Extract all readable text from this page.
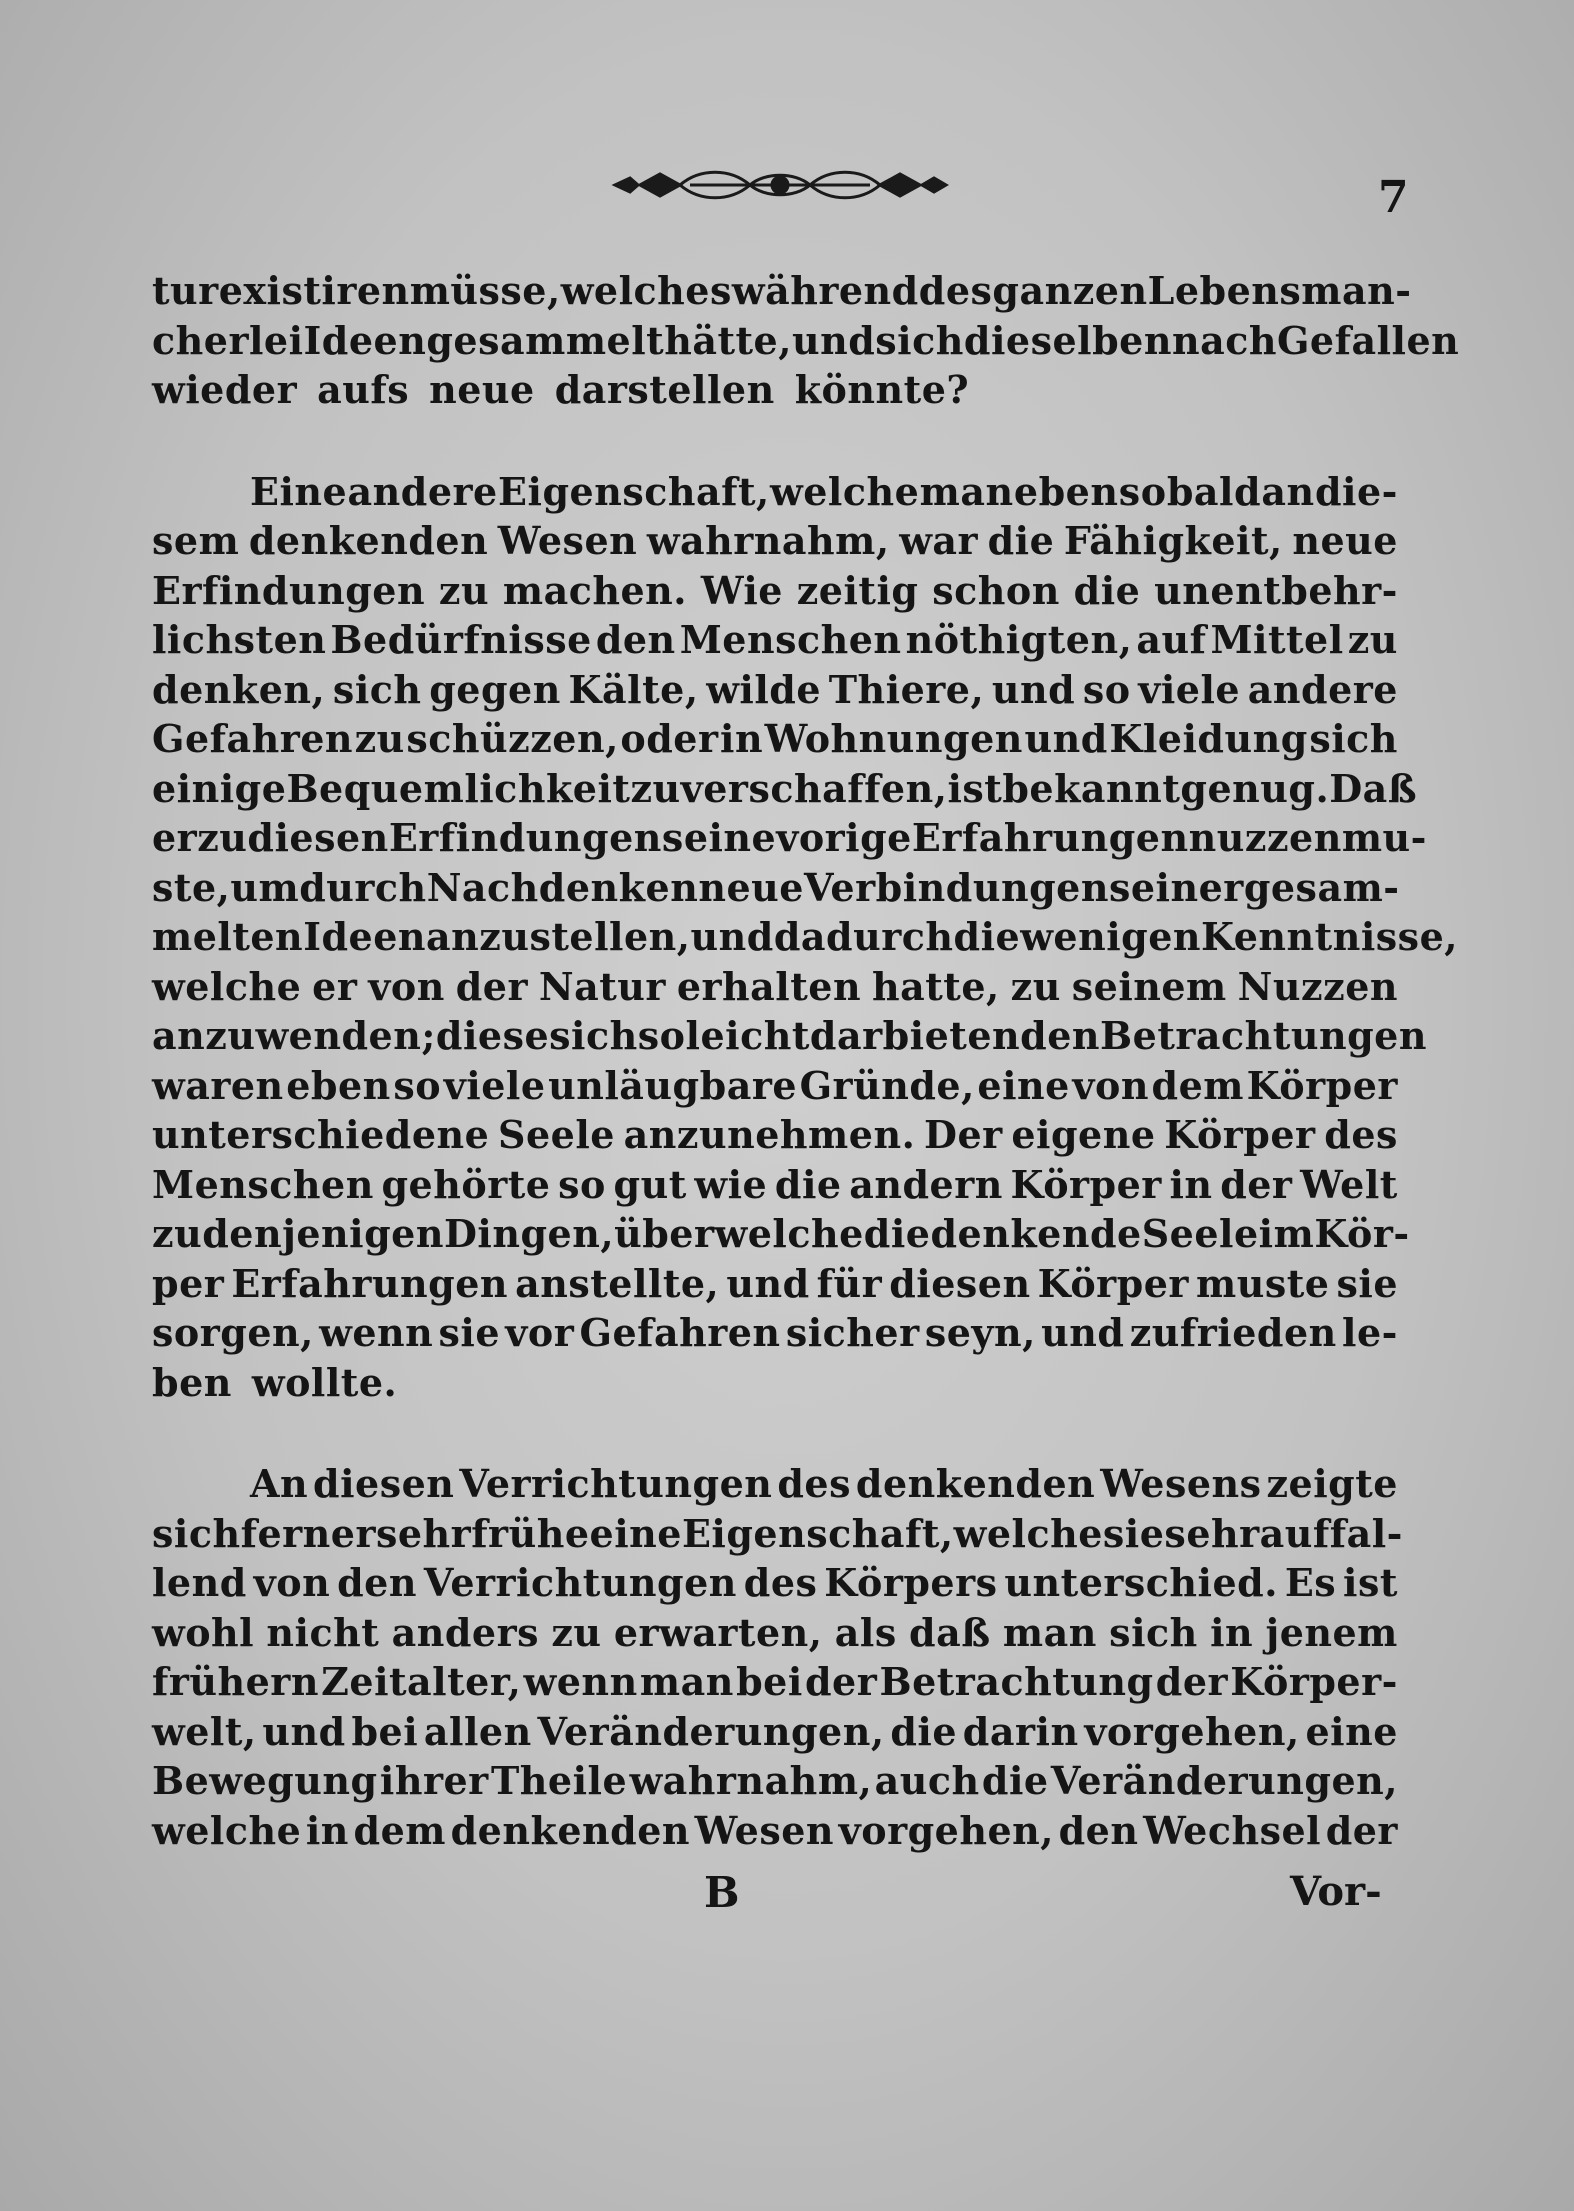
7
tur existiren müsse, welches während des ganzen Lebens man-
cherlei Ideen gesammelt hätte, und sich dieselben nach Gefallen
wieder aufs neue darstellen könnte?
Eine andere Eigenschaft, welche man eben so bald an die-
sem denkenden Wesen wahrnahm, war die Fähigkeit, neue
Erfindungen zu machen. Wie zeitig schon die unentbehr-
lichsten Bedürfnisse den Menschen nöthigten, auf Mittel zu
denken, sich gegen Kälte, wilde Thiere, und so viele andere
Gefahren zu schüzzen, oder in Wohnungen und Kleidung sich
einige Bequemlichkeit zu verschaffen, ist bekannt genug. Daß
er zu diesen Erfindungen seine vorige Erfahrungen nuzzen mu-
ste, um durch Nachdenken neue Verbindungen seiner gesam-
melten Ideen anzustellen, und dadurch die wenigen Kenntnisse,
welche er von der Natur erhalten hatte, zu seinem Nuzzen
anzuwenden; diese sich so leicht darbietenden Betrachtungen
waren eben so viele unläugbare Gründe, eine von dem Körper
unterschiedene Seele anzunehmen. Der eigene Körper des
Menschen gehörte so gut wie die andern Körper in der Welt
zu denjenigen Dingen, über welche die denkende Seele im Kör-
per Erfahrungen anstellte, und für diesen Körper muste sie
sorgen, wenn sie vor Gefahren sicher seyn, und zufrieden le-
ben wollte.
An diesen Verrichtungen des denkenden Wesens zeigte
sich ferner sehr frühe eine Eigenschaft, welche sie sehr auffal-
lend von den Verrichtungen des Körpers unterschied. Es ist
wohl nicht anders zu erwarten, als daß man sich in jenem
frühern Zeitalter, wenn man bei der Betrachtung der Körper-
welt, und bei allen Veränderungen, die darin vorgehen, eine
Bewegung ihrer Theile wahrnahm, auch die Veränderungen,
welche in dem denkenden Wesen vorgehen, den Wechsel der
B	Vor-
